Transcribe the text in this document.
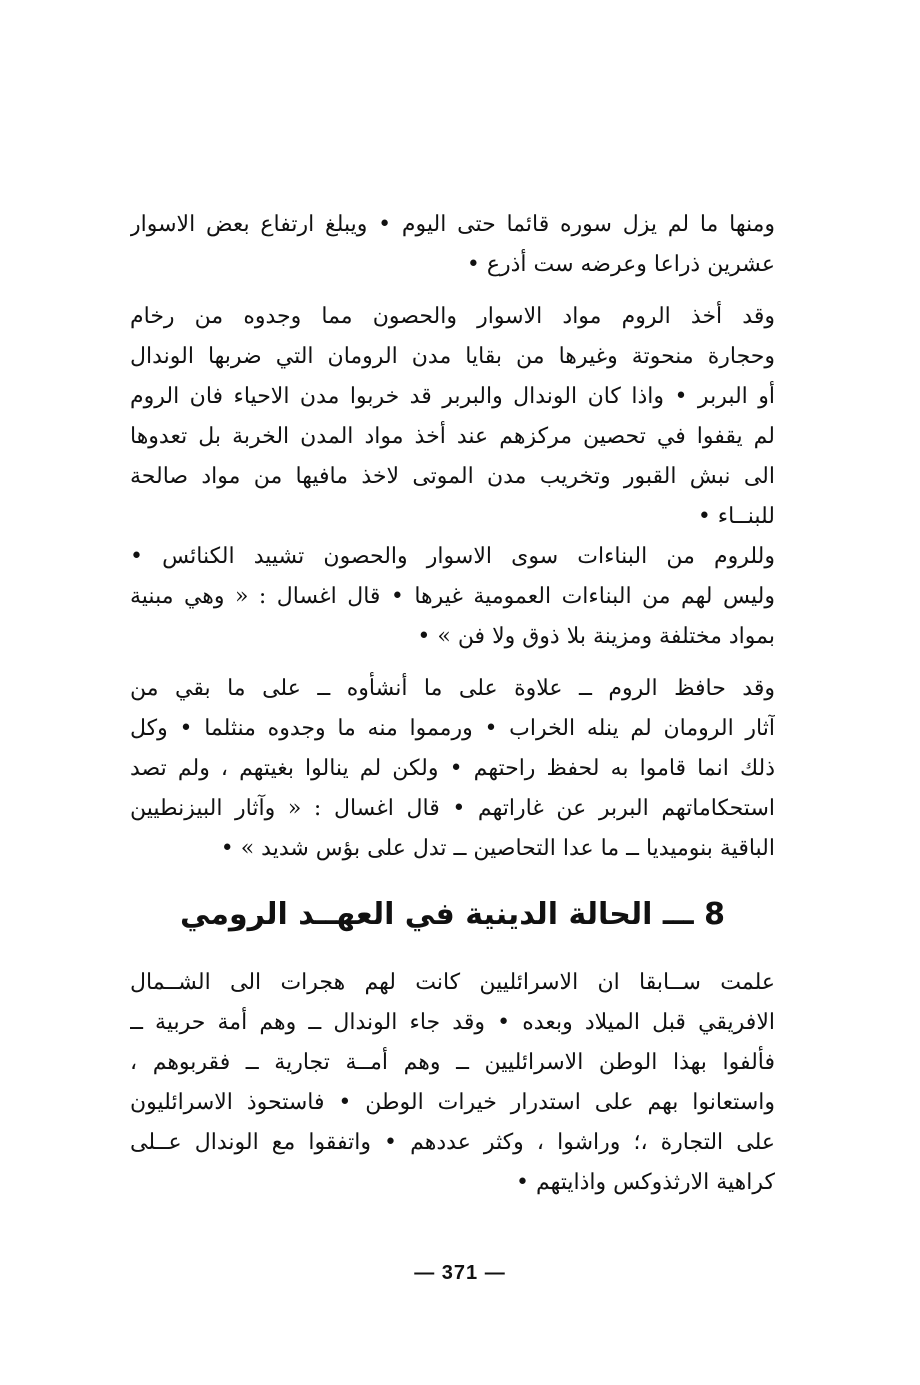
ومنها ما لم يزل سوره قائما حتى اليوم • ويبلغ ارتفاع بعض الاسوار
عشرين ذراعا وعرضه ست أذرع •
وقد أخذ الروم مواد الاسوار والحصون مما وجدوه من رخام
وحجارة منحوتة وغيرها من بقايا مدن الرومان التي ضربها الوندال
أو البربر • واذا كان الوندال والبربر قد خربوا مدن الاحياء فان الروم
لم يقفوا في تحصين مركزهم عند أخذ مواد المدن الخربة بل تعدوها
الى نبش القبور وتخريب مدن الموتى لاخذ مافيها من مواد صالحة
للبنــاء •
وللروم من البناءات سوى الاسوار والحصون تشييد الكنائس •
وليس لهم من البناءات العمومية غيرها • قال اغسال : « وهي مبنية
بمواد مختلفة ومزينة بلا ذوق ولا فن » •
وقد حافظ الروم ــ علاوة على ما أنشأوه ــ على ما بقي من
آثار الرومان لم ينله الخراب • ورمموا منه ما وجدوه منثلما • وكل
ذلك انما قاموا به لحفظ راحتهم • ولكن لم ينالوا بغيتهم ، ولم تصد
استحكاماتهم البربر عن غاراتهم • قال اغسال : « وآثار البيزنطيين
الباقية بنوميديا ــ ما عدا التحاصين ــ تدل على بؤس شديد » •
8 ـــ الحالة الدينية في العهــد الرومي
علمت ســابقا ان الاسرائليين كانت لهم هجرات الى الشــمال
الافريقي قبل الميلاد وبعده • وقد جاء الوندال ــ وهم أمة حربية ــ
فألفوا بهذا الوطن الاسرائليين ــ وهم أمــة تجارية ــ فقربوهم ،
واستعانوا بهم على استدرار خيرات الوطن • فاستحوذ الاسرائليون
على التجارة ،؛ وراشوا ، وكثر عددهم • واتفقوا مع الوندال عــلى
كراهية الارثذوكس واذايتهم •
— 371 —
